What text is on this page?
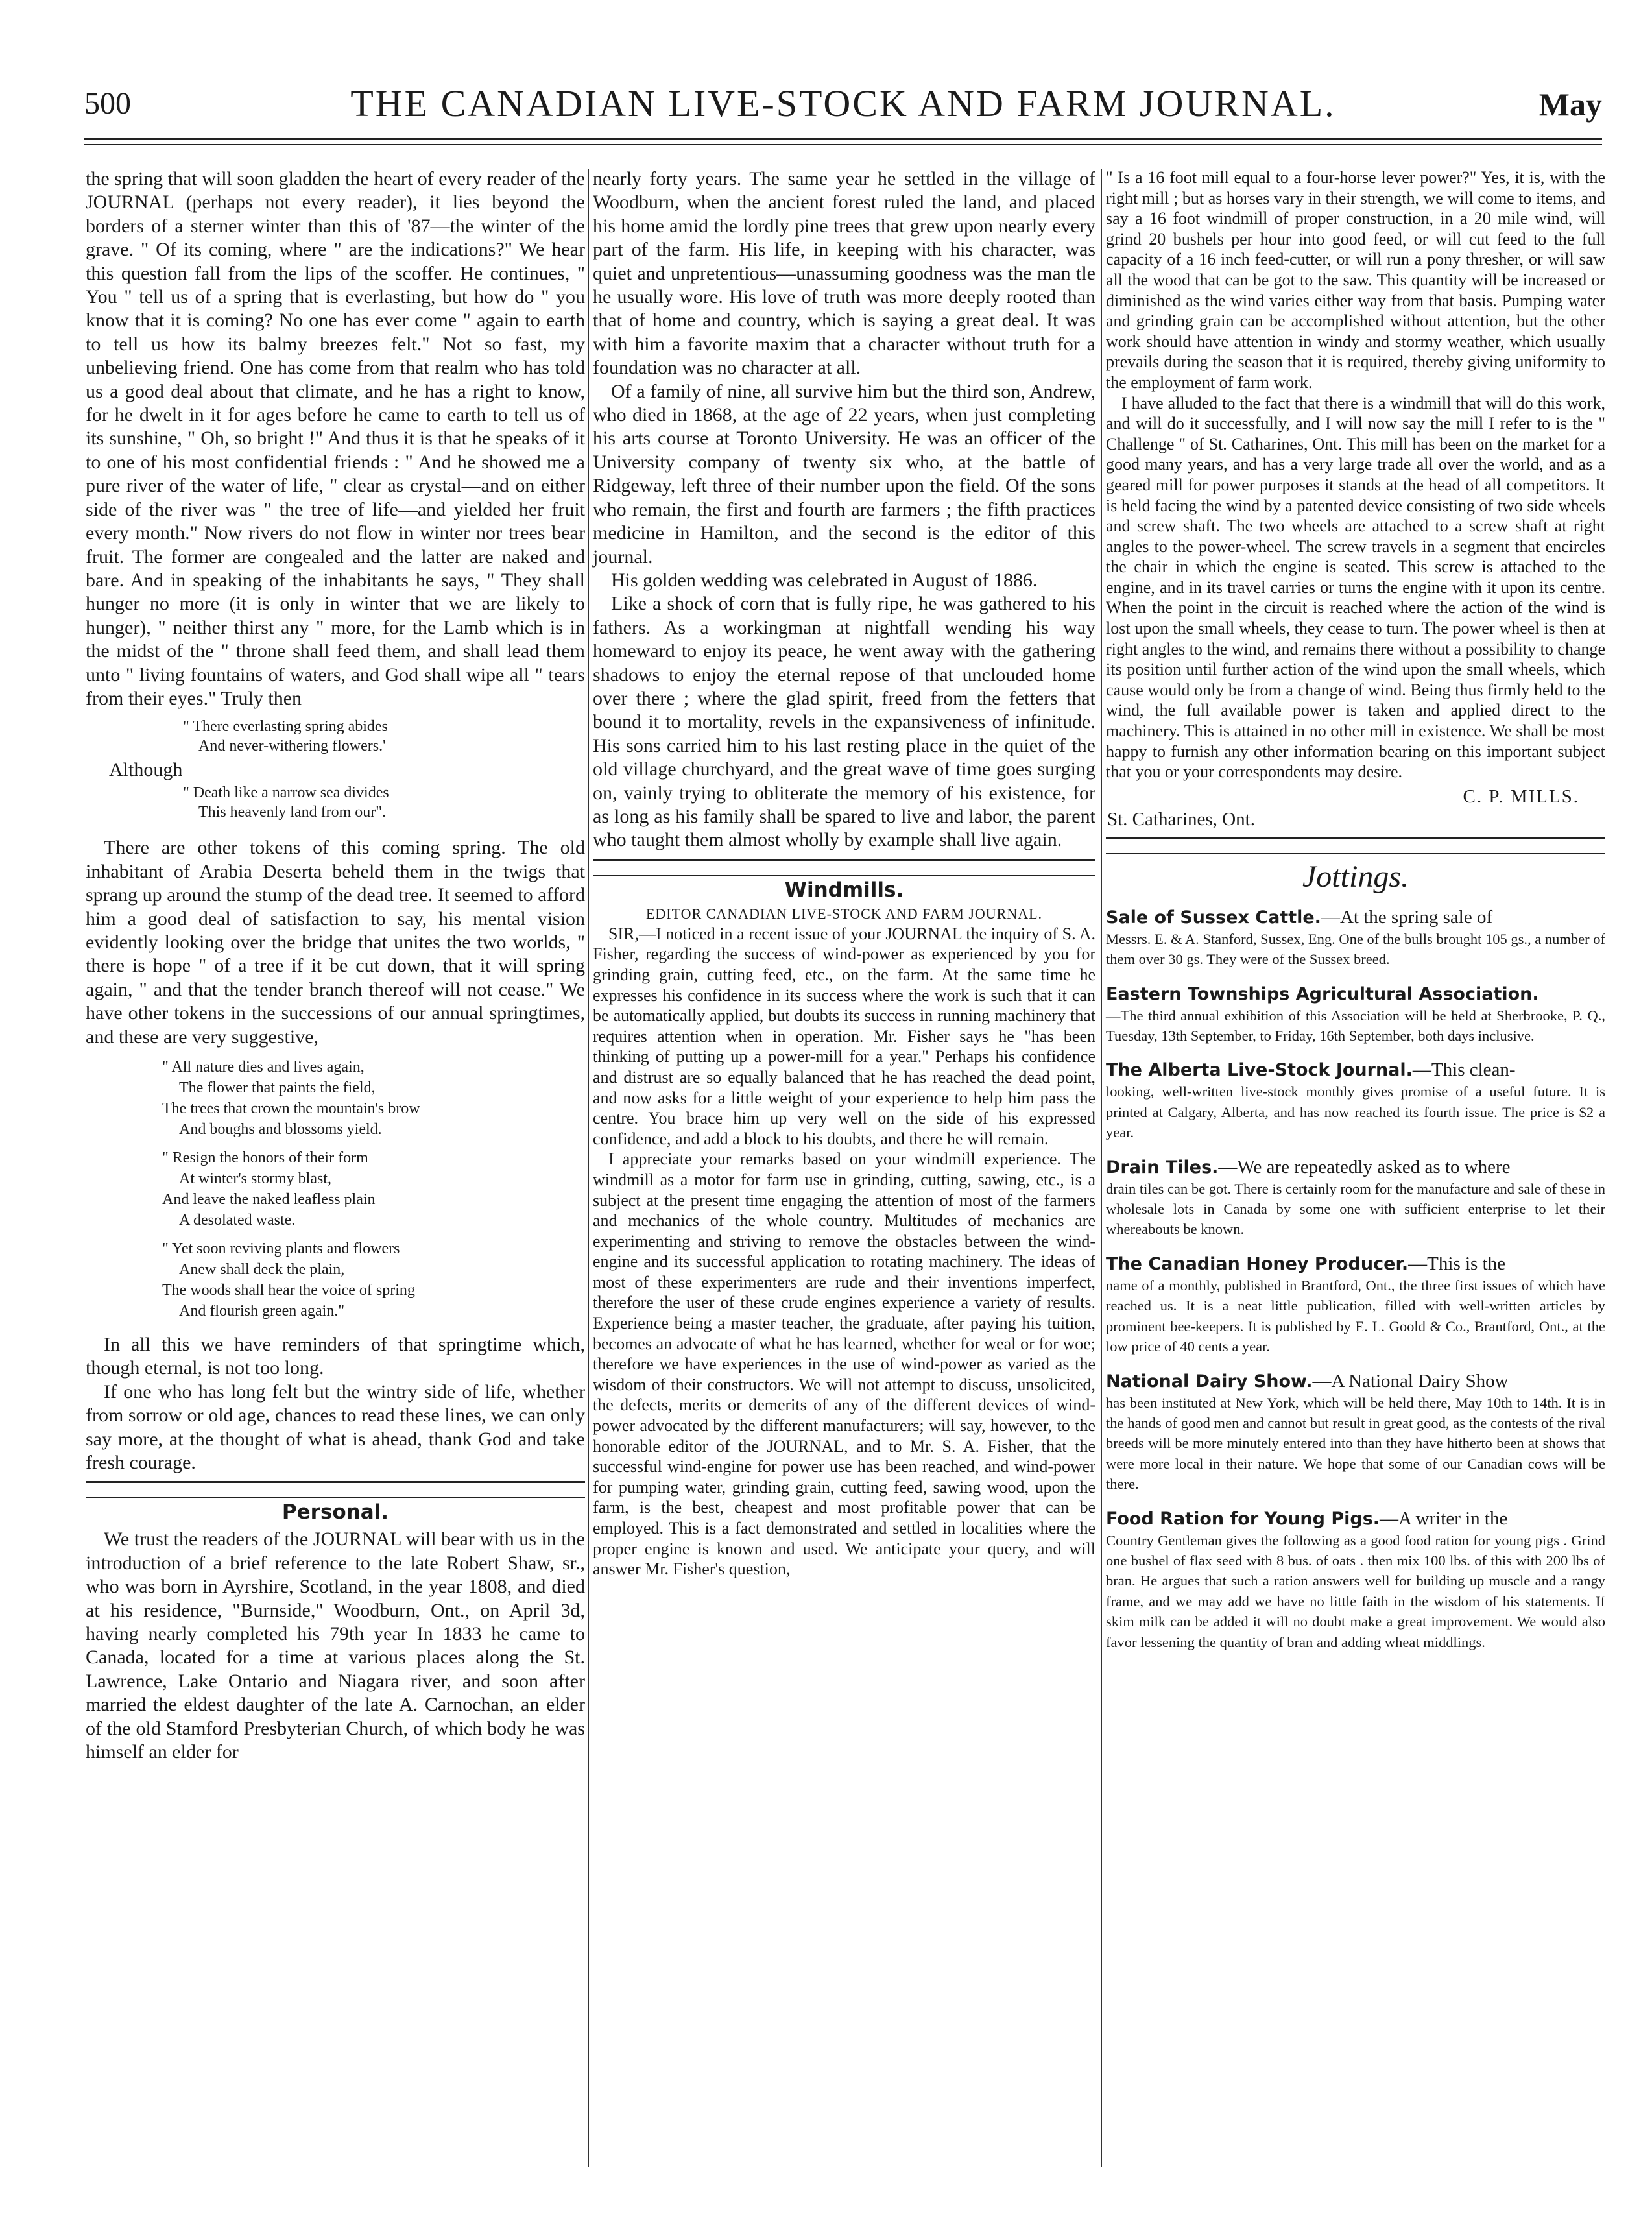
500	THE CANADIAN LIVE-STOCK AND FARM JOURNAL.	May

the spring that will soon gladden the heart of every reader of the JOURNAL (perhaps not every reader), it lies beyond the borders of a sterner winter than this of '87—the winter of the grave. " Of its coming, where " are the indications?" We hear this question fall from the lips of the scoffer. He continues, " You " tell us of a spring that is everlasting, but how do " you know that it is coming? No one has ever come " again to earth to tell us how its balmy breezes felt." Not so fast, my unbelieving friend. One has come from that realm who has told us a good deal about that climate, and he has a right to know, for he dwelt in it for ages before he came to earth to tell us of its sunshine, " Oh, so bright !" And thus it is that he speaks of it to one of his most confidential friends : " And he showed me a pure river of the water of life, " clear as crystal—and on either side of the river was " the tree of life—and yielded her fruit every month." Now rivers do not flow in winter nor trees bear fruit. The former are congealed and the latter are naked and bare. And in speaking of the inhabitants he says, " They shall hunger no more (it is only in winter that we are likely to hunger), " neither thirst any " more, for the Lamb which is in the midst of the " throne shall feed them, and shall lead them unto " living fountains of waters, and God shall wipe all " tears from their eyes." Truly then

" There everlasting spring abides
And never-withering flowers.'
Although
" Death like a narrow sea divides
This heavenly land from our".

There are other tokens of this coming spring. The old inhabitant of Arabia Deserta beheld them in the twigs that sprang up around the stump of the dead tree. It seemed to afford him a good deal of satisfaction to say, his mental vision evidently looking over the bridge that unites the two worlds, " there is hope " of a tree if it be cut down, that it will spring again, " and that the tender branch thereof will not cease." We have other tokens in the successions of our annual springtimes, and these are very suggestive,

" All nature dies and lives again,
The flower that paints the field,
The trees that crown the mountain's brow
And boughs and blossoms yield.
" Resign the honors of their form
At winter's stormy blast,
And leave the naked leafless plain
A desolated waste.
" Yet soon reviving plants and flowers
Anew shall deck the plain,
The woods shall hear the voice of spring
And flourish green again."

In all this we have reminders of that springtime which, though eternal, is not too long.

If one who has long felt but the wintry side of life, whether from sorrow or old age, chances to read these lines, we can only say more, at the thought of what is ahead, thank God and take fresh courage.

Personal.

We trust the readers of the JOURNAL will bear with us in the introduction of a brief reference to the late Robert Shaw, sr., who was born in Ayrshire, Scotland, in the year 1808, and died at his residence, "Burnside," Woodburn, Ont., on April 3d, having nearly completed his 79th year In 1833 he came to Canada, located for a time at various places along the St. Lawrence, Lake Ontario and Niagara river, and soon after married the eldest daughter of the late A. Carnochan, an elder of the old Stamford Presbyterian Church, of which body he was himself an elder for

nearly forty years. The same year he settled in the village of Woodburn, when the ancient forest ruled the land, and placed his home amid the lordly pine trees that grew upon nearly every part of the farm. His life, in keeping with his character, was quiet and unpretentious—unassuming goodness was the man tle he usually wore. His love of truth was more deeply rooted than that of home and country, which is saying a great deal. It was with him a favorite maxim that a character without truth for a foundation was no character at all.

Of a family of nine, all survive him but the third son, Andrew, who died in 1868, at the age of 22 years, when just completing his arts course at Toronto University. He was an officer of the University company of twenty six who, at the battle of Ridgeway, left three of their number upon the field. Of the sons who remain, the first and fourth are farmers ; the fifth practices medicine in Hamilton, and the second is the editor of this journal.

His golden wedding was celebrated in August of 1886.

Like a shock of corn that is fully ripe, he was gathered to his fathers. As a workingman at nightfall wending his way homeward to enjoy its peace, he went away with the gathering shadows to enjoy the eternal repose of that unclouded home over there ; where the glad spirit, freed from the fetters that bound it to mortality, revels in the expansiveness of infinitude. His sons carried him to his last resting place in the quiet of the old village churchyard, and the great wave of time goes surging on, vainly trying to obliterate the memory of his existence, for as long as his family shall be spared to live and labor, the parent who taught them almost wholly by example shall live again.

Windmills.
EDITOR CANADIAN LIVE-STOCK AND FARM JOURNAL.

SIR,—I noticed in a recent issue of your JOURNAL the inquiry of S. A. Fisher, regarding the success of wind-power as experienced by you for grinding grain, cutting feed, etc., on the farm. At the same time he expresses his confidence in its success where the work is such that it can be automatically applied, but doubts its success in running machinery that requires attention when in operation. Mr. Fisher says he "has been thinking of putting up a power-mill for a year." Perhaps his confidence and distrust are so equally balanced that he has reached the dead point, and now asks for a little weight of your experience to help him pass the centre. You brace him up very well on the side of his expressed confidence, and add a block to his doubts, and there he will remain.

I appreciate your remarks based on your windmill experience. The windmill as a motor for farm use in grinding, cutting, sawing, etc., is a subject at the present time engaging the attention of most of the farmers and mechanics of the whole country. Multitudes of mechanics are experimenting and striving to remove the obstacles between the wind-engine and its successful application to rotating machinery. The ideas of most of these experimenters are rude and their inventions imperfect, therefore the user of these crude engines experience a variety of results. Experience being a master teacher, the graduate, after paying his tuition, becomes an advocate of what he has learned, whether for weal or for woe; therefore we have experiences in the use of wind-power as varied as the wisdom of their constructors. We will not attempt to discuss, unsolicited, the defects, merits or demerits of any of the different devices of wind-power advocated by the different manufacturers; will say, however, to the honorable editor of the JOURNAL, and to Mr. S. A. Fisher, that the successful wind-engine for power use has been reached, and wind-power for pumping water, grinding grain, cutting feed, sawing wood, upon the farm, is the best, cheapest and most profitable power that can be employed. This is a fact demonstrated and settled in localities where the proper engine is known and used. We anticipate your query, and will answer Mr. Fisher's question,

" Is a 16 foot mill equal to a four-horse lever power?" Yes, it is, with the right mill ; but as horses vary in their strength, we will come to items, and say a 16 foot windmill of proper construction, in a 20 mile wind, will grind 20 bushels per hour into good feed, or will cut feed to the full capacity of a 16 inch feed-cutter, or will run a pony thresher, or will saw all the wood that can be got to the saw. This quantity will be increased or diminished as the wind varies either way from that basis. Pumping water and grinding grain can be accomplished without attention, but the other work should have attention in windy and stormy weather, which usually prevails during the season that it is required, thereby giving uniformity to the employment of farm work.

I have alluded to the fact that there is a windmill that will do this work, and will do it successfully, and I will now say the mill I refer to is the " Challenge " of St. Catharines, Ont. This mill has been on the market for a good many years, and has a very large trade all over the world, and as a geared mill for power purposes it stands at the head of all competitors. It is held facing the wind by a patented device consisting of two side wheels and screw shaft. The two wheels are attached to a screw shaft at right angles to the power-wheel. The screw travels in a segment that encircles the chair in which the engine is seated. This screw is attached to the engine, and in its travel carries or turns the engine with it upon its centre. When the point in the circuit is reached where the action of the wind is lost upon the small wheels, they cease to turn. The power wheel is then at right angles to the wind, and remains there without a possibility to change its position until further action of the wind upon the small wheels, which cause would only be from a change of wind. Being thus firmly held to the wind, the full available power is taken and applied direct to the machinery. This is attained in no other mill in existence. We shall be most happy to furnish any other information bearing on this important subject that you or your correspondents may desire.

C. P. MILLS.
St. Catharines, Ont.
Jottings.
Sale of Sussex Cattle.—At the spring sale of
Messrs. E. & A. Stanford, Sussex, Eng. One of the bulls brought 105 gs., a number of them over 30 gs. They were of the Sussex breed.
Eastern Townships Agricultural Association.
—The third annual exhibition of this Association will be held at Sherbrooke, P. Q., Tuesday, 13th September, to Friday, 16th September, both days inclusive.
The Alberta Live-Stock Journal.—This clean-
looking, well-written live-stock monthly gives promise of a useful future. It is printed at Calgary, Alberta, and has now reached its fourth issue. The price is $2 a year.
Drain Tiles.—We are repeatedly asked as to where
drain tiles can be got. There is certainly room for the manufacture and sale of these in wholesale lots in Canada by some one with sufficient enterprise to let their whereabouts be known.
The Canadian Honey Producer.—This is the
name of a monthly, published in Brantford, Ont., the three first issues of which have reached us. It is a neat little publication, filled with well-written articles by prominent bee-keepers. It is published by E. L. Goold & Co., Brantford, Ont., at the low price of 40 cents a year.
National Dairy Show.—A National Dairy Show
has been instituted at New York, which will be held there, May 10th to 14th. It is in the hands of good men and cannot but result in great good, as the contests of the rival breeds will be more minutely entered into than they have hitherto been at shows that were more local in their nature. We hope that some of our Canadian cows will be there.
Food Ration for Young Pigs.—A writer in the
Country Gentleman gives the following as a good food ration for young pigs . Grind one bushel of flax seed with 8 bus. of oats . then mix 100 lbs. of this with 200 lbs of bran. He argues that such a ration answers well for building up muscle and a rangy frame, and we may add we have no little faith in the wisdom of his statements. If skim milk can be added it will no doubt make a great improvement. We would also favor lessening the quantity of bran and adding wheat middlings.
